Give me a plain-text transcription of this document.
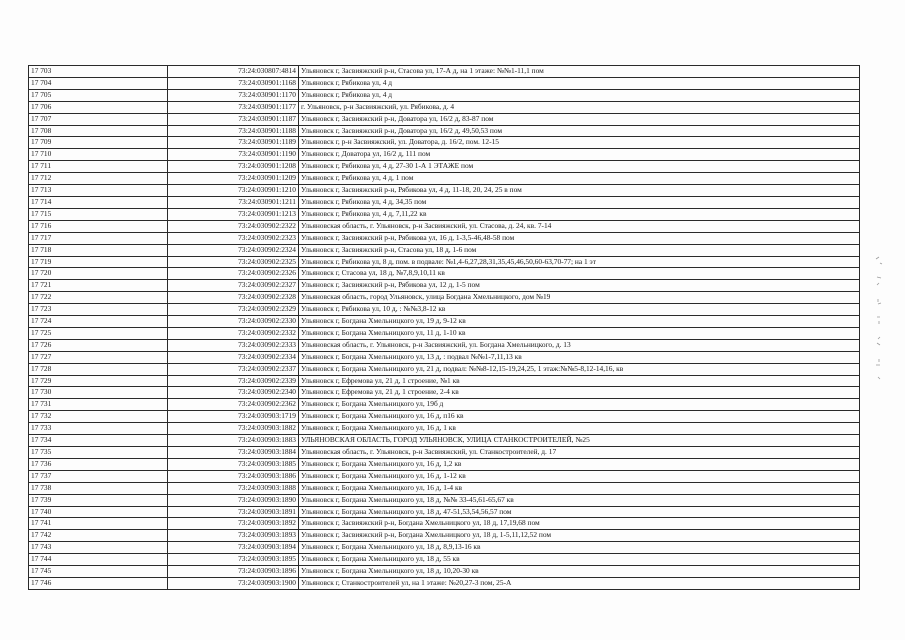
17 703	73:24:030807:4814	Ульяновск г, Засвияжский р-н, Стасова ул, 17-А д, на 1 этаже: №№1-11,1 пом
17 704	73:24:030901:1168	Ульяновск г, Рябикова ул, 4 д
17 705	73:24:030901:1170	Ульяновск г, Рябикова ул, 4 д
17 706	73:24:030901:1177	г. Ульяновск, р-н Засвияжский, ул. Рябикова, д. 4
17 707	73:24:030901:1187	Ульяновск г, Засвияжский р-н, Доватора ул, 16/2 д, 83-87 пом
17 708	73:24:030901:1188	Ульяновск г, Засвияжский р-н, Доватора ул, 16/2 д, 49,50,53 пом
17 709	73:24:030901:1189	Ульяновск г, р-н Засвияжский, ул. Доватора, д. 16/2, пом. 12-15
17 710	73:24:030901:1190	Ульяновск г, Доватора ул, 16/2 д, 111 пом
17 711	73:24:030901:1208	Ульяновск г, Рябикова ул, 4 д, 27-30 1-А 1 ЭТАЖЕ пом
17 712	73:24:030901:1209	Ульяновск г, Рябикова ул, 4 д, 1 пом
17 713	73:24:030901:1210	Ульяновск г, Засвияжский р-н, Рябикова ул, 4 д, 11-18, 20, 24, 25 в пом
17 714	73:24:030901:1211	Ульяновск г, Рябикова ул, 4 д, 34,35 пом
17 715	73:24:030901:1213	Ульяновск г, Рябикова ул, 4 д, 7,11,22 кв
17 716	73:24:030902:2322	Ульяновская область, г. Ульяновск, р-н Засвияжский, ул. Стасова, д. 24, кв. 7-14
17 717	73:24:030902:2323	Ульяновск г, Засвияжский р-н, Рябикова ул, 16 д, 1-3,5-46,48-58 пом
17 718	73:24:030902:2324	Ульяновск г, Засвияжский р-н, Стасова ул, 18 д, 1-6 пом
17 719	73:24:030902:2325	Ульяновск г, Рябикова ул, 8 д, пом. в подвале: №1,4-6,27,28,31,35,45,46,50,60-63,70-77; на 1 эт
17 720	73:24:030902:2326	Ульяновск г, Стасова ул, 18 д, №7,8,9,10,11 кв
17 721	73:24:030902:2327	Ульяновск г, Засвияжский р-н, Рябикова ул, 12 д, 1-5 пом
17 722	73:24:030902:2328	Ульяновская область, город Ульяновск, улица Богдана Хмельницкого, дом №19
17 723	73:24:030902:2329	Ульяновск г, Рябикова ул, 10 д, : №№3,8-12 кв
17 724	73:24:030902:2330	Ульяновск г, Богдана Хмельницкого ул, 19 д, 9-12 кв
17 725	73:24:030902:2332	Ульяновск г, Богдана Хмельницкого ул, 11 д, 1-10 кв
17 726	73:24:030902:2333	Ульяновская область, г. Ульяновск, р-н Засвияжский, ул. Богдана Хмельницкого, д. 13
17 727	73:24:030902:2334	Ульяновск г, Богдана Хмельницкого ул, 13 д, : подвал №№1-7,11,13 кв
17 728	73:24:030902:2337	Ульяновск г, Богдана Хмельницкого ул, 21 д, подвал: №№8-12,15-19,24,25, 1 этаж:№№5-8,12-14,16, кв
17 729	73:24:030902:2339	Ульяновск г, Ефремова ул, 21 д, 1 строение, №1 кв
17 730	73:24:030902:2340	Ульяновск г, Ефремова ул, 21 д, 1 строение, 2-4 кв
17 731	73:24:030902:2362	Ульяновск г, Богдана Хмельницкого ул, 19б д
17 732	73:24:030903:1719	Ульяновск г, Богдана Хмельницкого ул, 16 д, п16 кв
17 733	73:24:030903:1882	Ульяновск г, Богдана Хмельницкого ул, 16 д, 1 кв
17 734	73:24:030903:1883	УЛЬЯНОВСКАЯ ОБЛАСТЬ, ГОРОД УЛЬЯНОВСК, УЛИЦА СТАНКОСТРОИТЕЛЕЙ, №25
17 735	73:24:030903:1884	Ульяновская область, г. Ульяновск, р-н Засвияжский, ул. Станкостроителей, д. 17
17 736	73:24:030903:1885	Ульяновск г, Богдана Хмельницкого ул, 16 д, 1,2 кв
17 737	73:24:030903:1886	Ульяновск г, Богдана Хмельницкого ул, 16 д, 1-12 кв
17 738	73:24:030903:1888	Ульяновск г, Богдана Хмельницкого ул, 16 д, 1-4 кв
17 739	73:24:030903:1890	Ульяновск г, Богдана Хмельницкого ул, 18 д, №№ 33-45,61-65,67 кв
17 740	73:24:030903:1891	Ульяновск г, Богдана Хмельницкого ул, 18 д, 47-51,53,54,56,57 пом
17 741	73:24:030903:1892	Ульяновск г, Засвияжский р-н, Богдана Хмельницкого ул, 18 д, 17,19,68 пом
17 742	73:24:030903:1893	Ульяновск г, Засвияжский р-н, Богдана Хмельницкого ул, 18 д, 1-5,11,12,52 пом
17 743	73:24:030903:1894	Ульяновск г, Богдана Хмельницкого ул, 18 д, 8,9,13-16 кв
17 744	73:24:030903:1895	Ульяновск г, Богдана Хмельницкого ул, 18 д, 55 кв
17 745	73:24:030903:1896	Ульяновск г, Богдана Хмельницкого ул, 18 д, 10,20-30 кв
17 746	73:24:030903:1900	Ульяновск г, Станкостроителей ул, на 1 этаже: №20,27-3 пом, 25-А
